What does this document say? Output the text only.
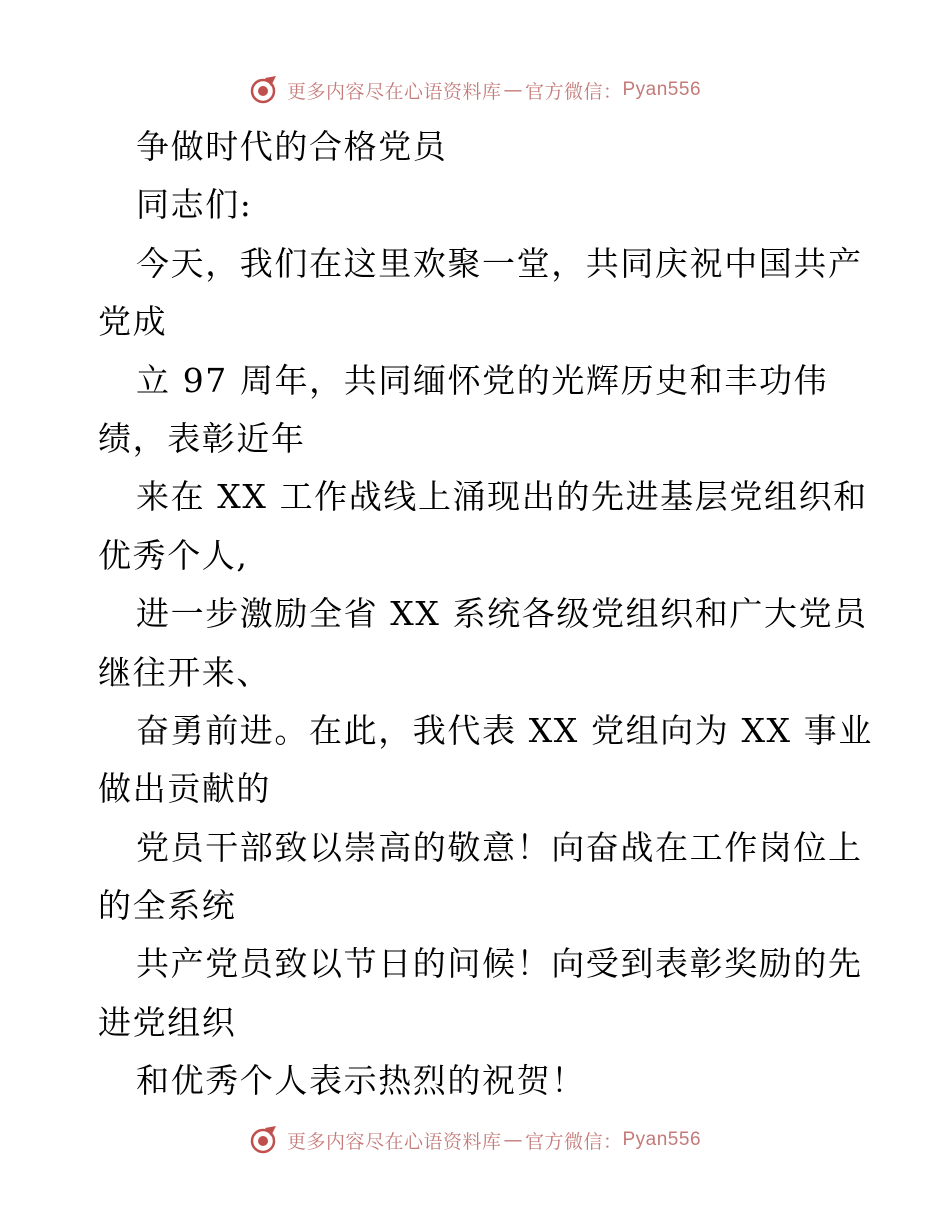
更多内容尽在心语资料库 — 官方微信： Pyan556
争做时代的合格党员
同志们:
今天，我们在这里欢聚一堂，共同庆祝中国共产
党成
立 97 周年，共同缅怀党的光辉历史和丰功伟
绩，表彰近年
来在 XX 工作战线上涌现出的先进基层党组织和
优秀个人,
进一步激励全省 XX 系统各级党组织和广大党员
继往开来、
奋勇前进。在此，我代表 XX 党组向为 XX 事业
做出贡献的
党员干部致以崇高的敬意！向奋战在工作岗位上
的全系统
共产党员致以节日的问候！向受到表彰奖励的先
进党组织
和优秀个人表示热烈的祝贺！
更多内容尽在心语资料库 — 官方微信： Pyan556
